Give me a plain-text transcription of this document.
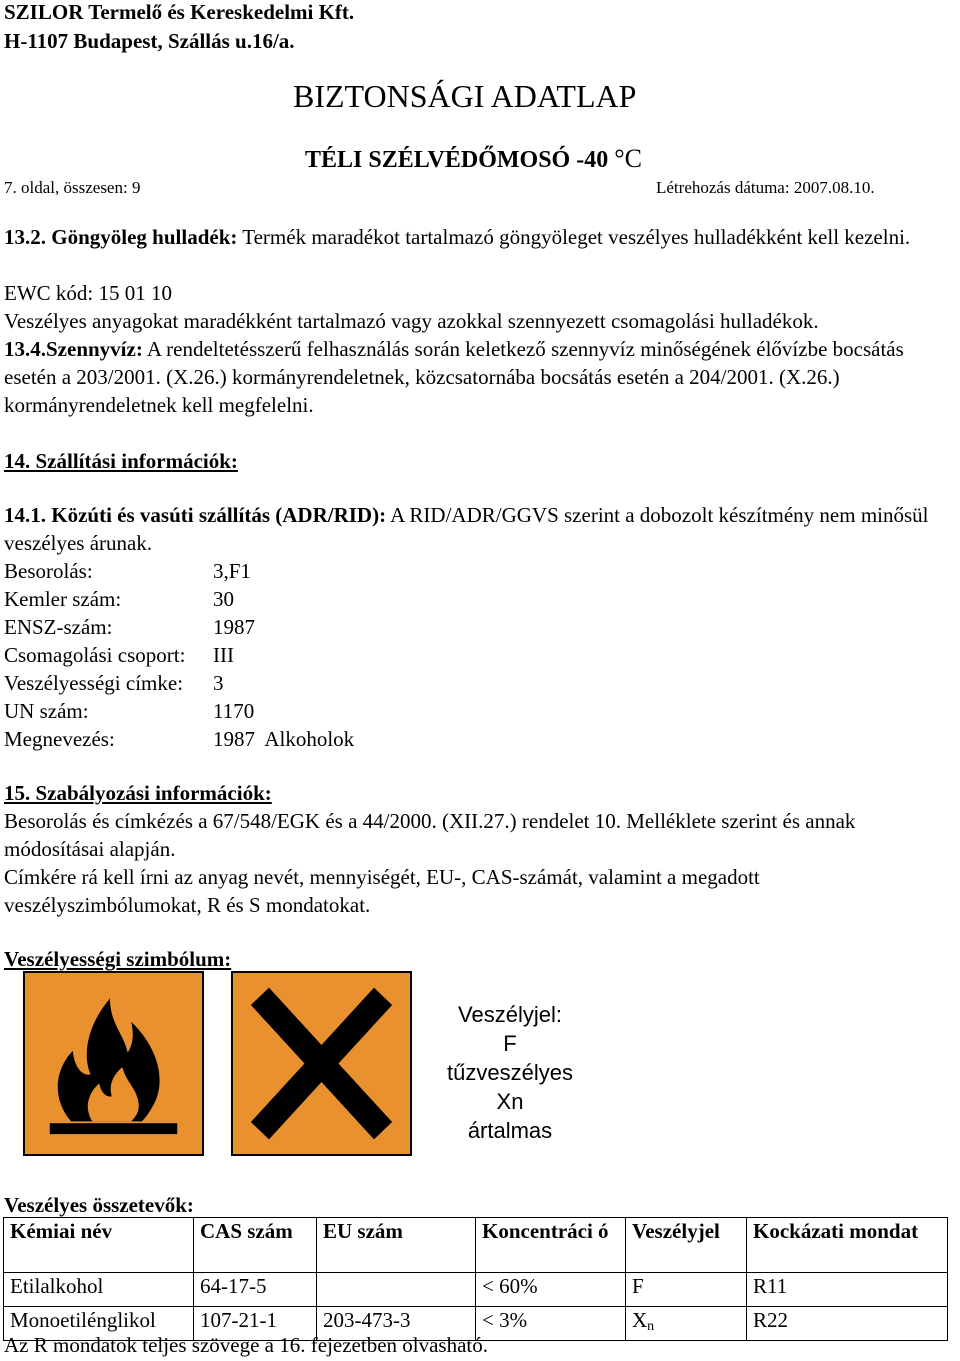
SZILOR Termelő és Kereskedelmi Kft.
H-1107 Budapest, Szállás u.16/a.
BIZTONSÁGI ADATLAP
TÉLI SZÉLVÉDŐMOSÓ -40 °C
7. oldal, összesen: 9	Létrehozás dátuma: 2007.08.10.
13.2. Göngyöleg hulladék: Termék maradékot tartalmazó göngyöleget veszélyes hulladékként kell kezelni.
EWC kód: 15 01 10
Veszélyes anyagokat maradékként tartalmazó vagy azokkal szennyezett csomagolási hulladékok.
13.4.Szennyvíz: A rendeltetésszerű felhasználás során keletkező szennyvíz minőségének élővízbe bocsátás esetén a 203/2001. (X.26.) kormányrendeletnek, közcsatornába bocsátás esetén a 204/2001. (X.26.) kormányrendeletnek kell megfelelni.
14. Szállítási információk:
14.1. Közúti és vasúti szállítás (ADR/RID): A RID/ADR/GGVS szerint a dobozolt készítmény nem minősül veszélyes árunak.
Besorolás:	3,F1
Kemler szám:	30
ENSZ-szám:	1987
Csomagolási csoport: III
Veszélyességi címke: 3
UN szám:	1170
Megnevezés:	1987  Alkoholok
15. Szabályozási információk:
Besorolás és címkézés a 67/548/EGK és a 44/2000. (XII.27.) rendelet 10. Melléklete szerint és annak módosításai alapján.
Címkére rá kell írni az anyag nevét, mennyiségét, EU-, CAS-számát, valamint a megadott veszélyszimbólumokat, R és S mondatokat.
Veszélyességi szimbólum:
Veszélyjel:
F
tűzveszélyes
Xn
ártalmas
Veszélyes összetevők:
Kémiai név	CAS szám	EU szám	Koncentráci ó	Veszélyjel	Kockázati mondat
Etilalkohol	64-17-5		< 60%	F	R11
Monoetilénglikol	107-21-1	203-473-3	< 3%	$X_n$	R22
Az R mondatok teljes szövege a 16. fejezetben olvasható.
